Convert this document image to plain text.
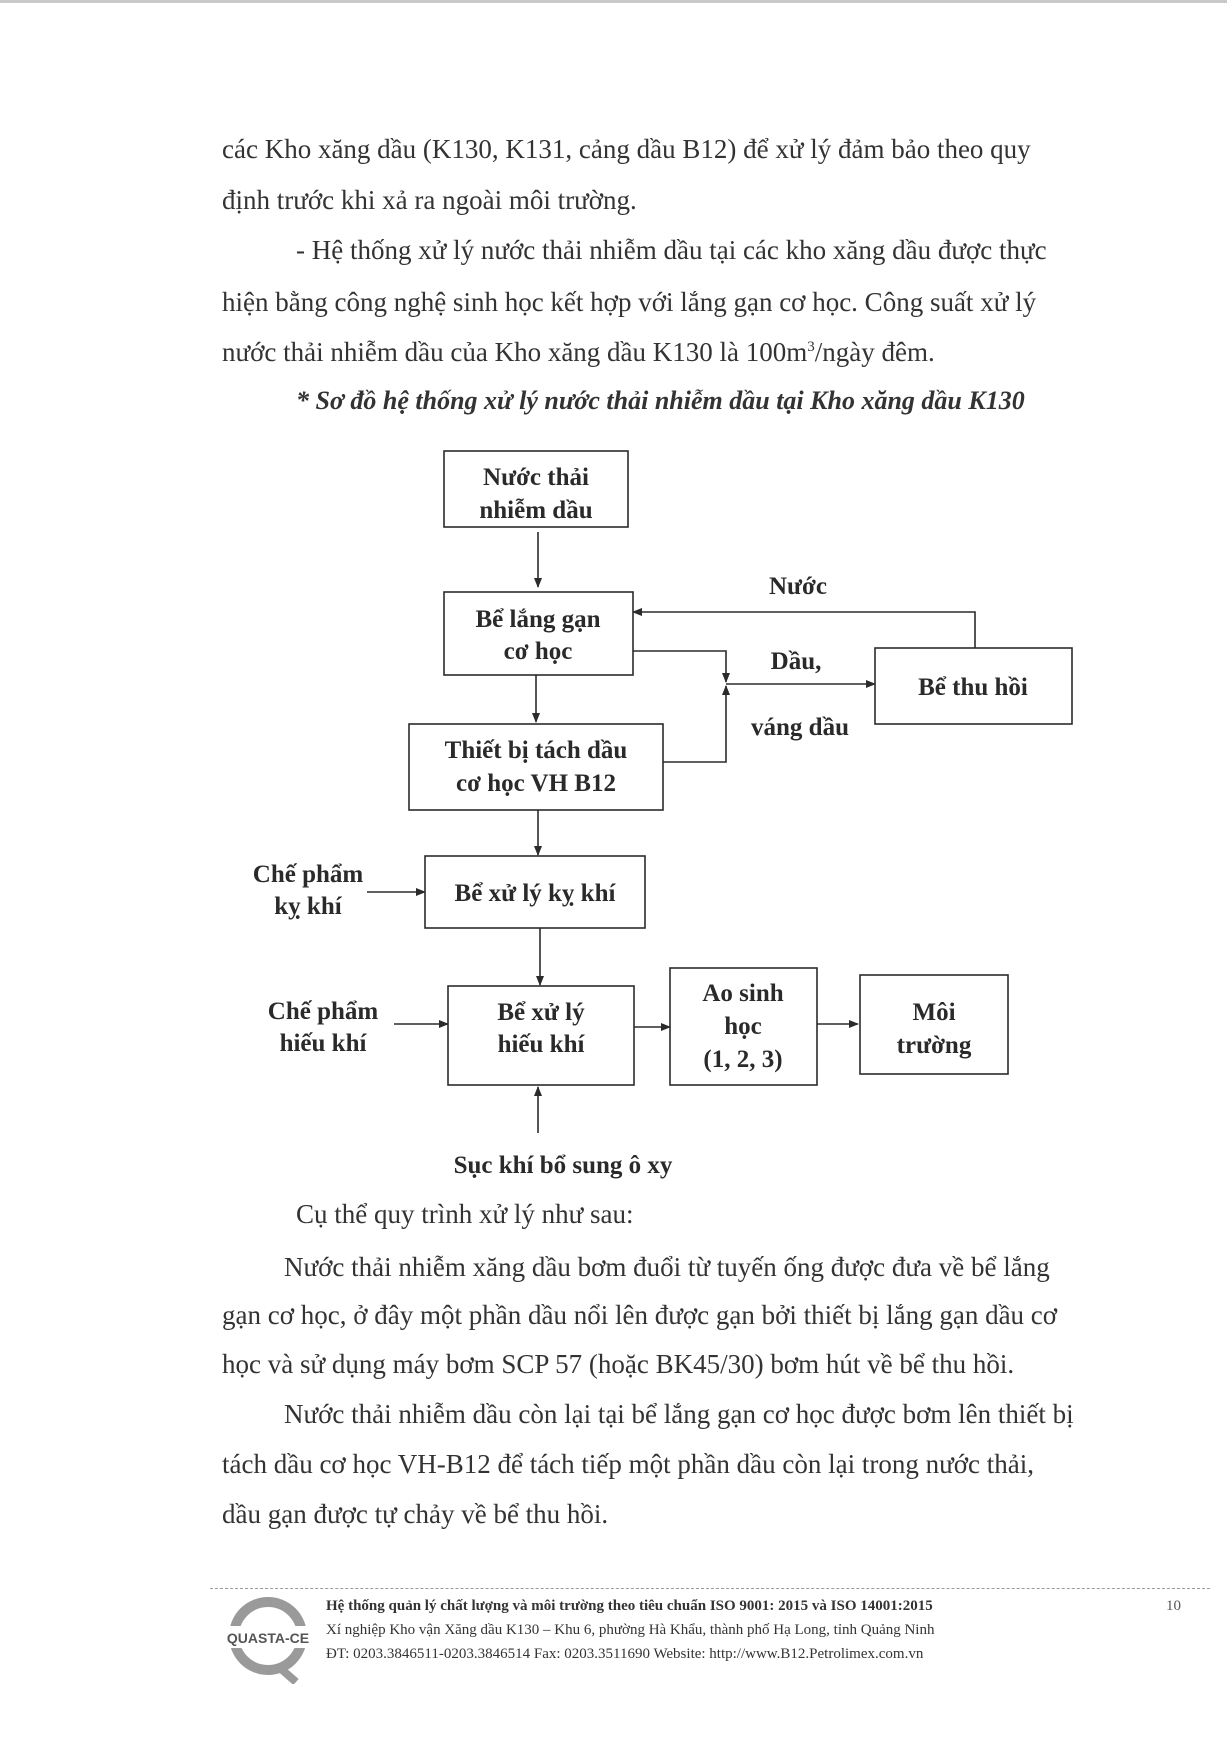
các Kho xăng dầu (K130, K131, cảng dầu B12) để xử lý đảm bảo theo quy
định trước khi xả ra ngoài môi trường.
- Hệ thống xử lý nước thải nhiễm dầu tại các kho xăng dầu được thực
hiện bằng công nghệ sinh học kết hợp với lắng gạn cơ học. Công suất xử lý
nước thải nhiễm dầu của Kho xăng dầu K130 là $100m^3$/ngày đêm.
* Sơ đồ hệ thống xử lý nước thải nhiễm dầu tại Kho xăng dầu K130
Nước thải
nhiễm dầu
Bể lắng gạn
cơ học
Thiết bị tách dầu
cơ học VH B12
Bể thu hồi
Bể xử lý kỵ khí
Bể xử lý
hiếu khí
Ao sinh
học
(1, 2, 3)
Môi
trường
Nước
Dầu,
váng dầu
Chế phẩm
kỵ khí
Chế phẩm
hiếu khí
Sục khí bổ sung ô xy
Cụ thể quy trình xử lý như sau:
Nước thải nhiễm xăng dầu bơm đuổi từ tuyến ống được đưa về bể lắng
gạn cơ học, ở đây một phần dầu nổi lên được gạn bởi thiết bị lắng gạn dầu cơ
học và sử dụng máy bơm SCP 57 (hoặc BK45/30) bơm hút về bể thu hồi.
Nước thải nhiễm dầu còn lại tại bể lắng gạn cơ học được bơm lên thiết bị
tách dầu cơ học VH-B12 để tách tiếp một phần dầu còn lại trong nước thải,
dầu gạn được tự chảy về bể thu hồi.
QUASTA-CE
Hệ thống quản lý chất lượng và môi trường theo tiêu chuẩn ISO 9001: 2015 và ISO 14001:2015
Xí nghiệp Kho vận Xăng dầu K130 – Khu 6, phường Hà Khẩu, thành phố Hạ Long, tỉnh Quảng Ninh
ĐT: 0203.3846511-0203.3846514 Fax: 0203.3511690 Website: http://www.B12.Petrolimex.com.vn
10
